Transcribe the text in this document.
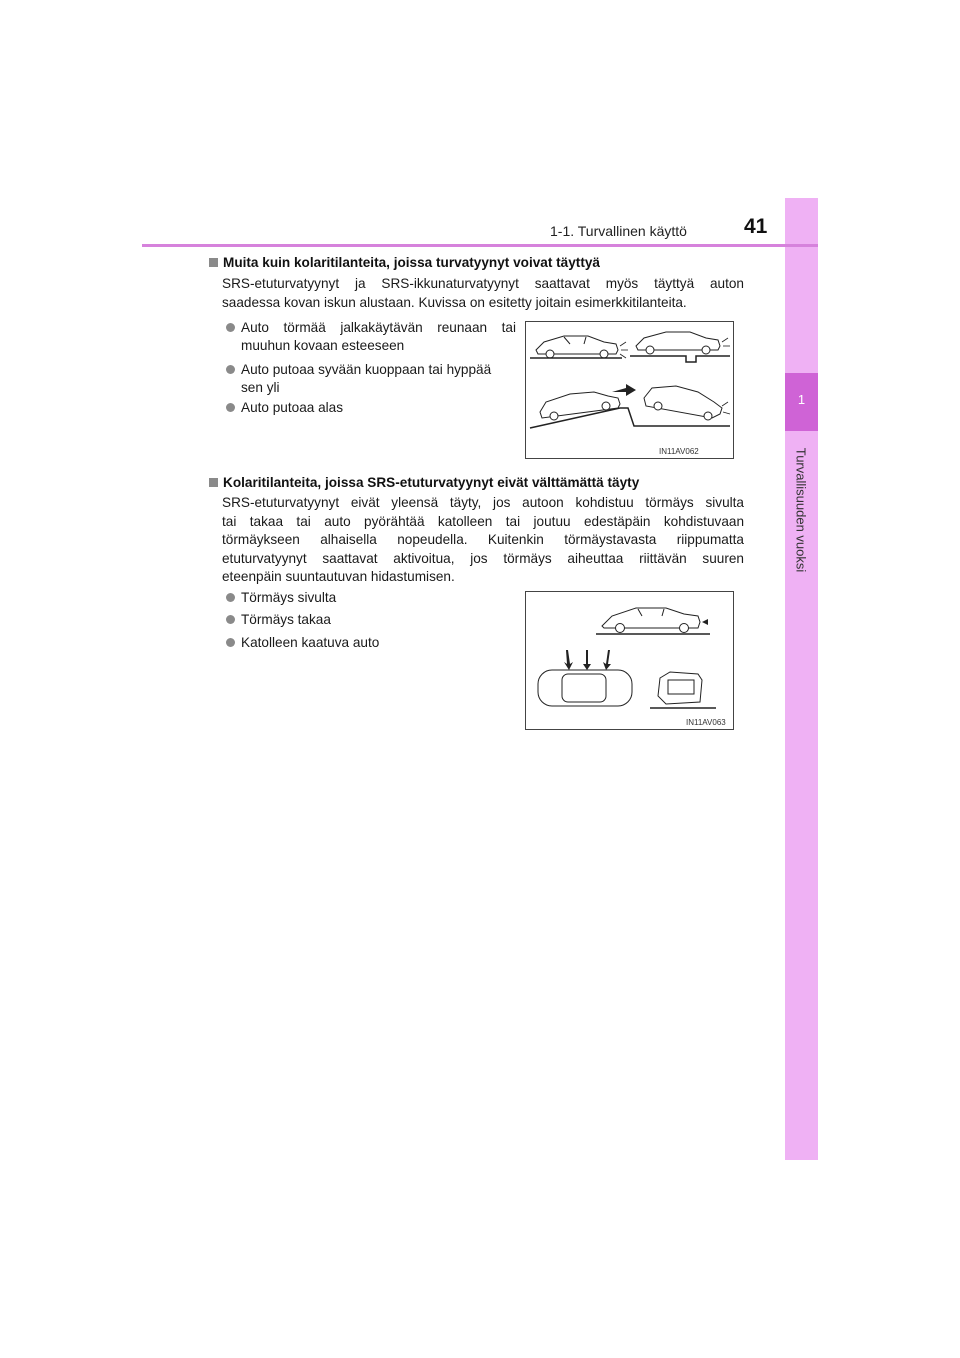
1
Turvallisuuden vuoksi
1-1. Turvallinen käyttö	41
Muita kuin kolaritilanteita, joissa turvatyynyt voivat täyttyä
SRS-etuturvatyynyt ja SRS-ikkunaturvatyynyt saattavat myös täyttyä auton
saadessa kovan iskun alustaan. Kuvissa on esitetty joitain esimerkkitilanteita.
Auto törmää jalkakäytävän reunaan tai
muuhun kovaan esteeseen
Auto putoaa syvään kuoppaan tai hyppää
sen yli
Auto putoaa alas
IN11AV062
Kolaritilanteita, joissa SRS-etuturvatyynyt eivät välttämättä täyty
SRS-etuturvatyynyt eivät yleensä täyty, jos autoon kohdistuu törmäys sivulta
tai takaa tai auto pyörähtää katolleen tai joutuu edestäpäin kohdistuvaan
törmäykseen alhaisella nopeudella. Kuitenkin törmäystavasta riippumatta
etuturvatyynyt saattavat aktivoitua, jos törmäys aiheuttaa riittävän suuren
eteenpäin suuntautuvan hidastumisen.
Törmäys sivulta
Törmäys takaa
Katolleen kaatuva auto
IN11AV063
